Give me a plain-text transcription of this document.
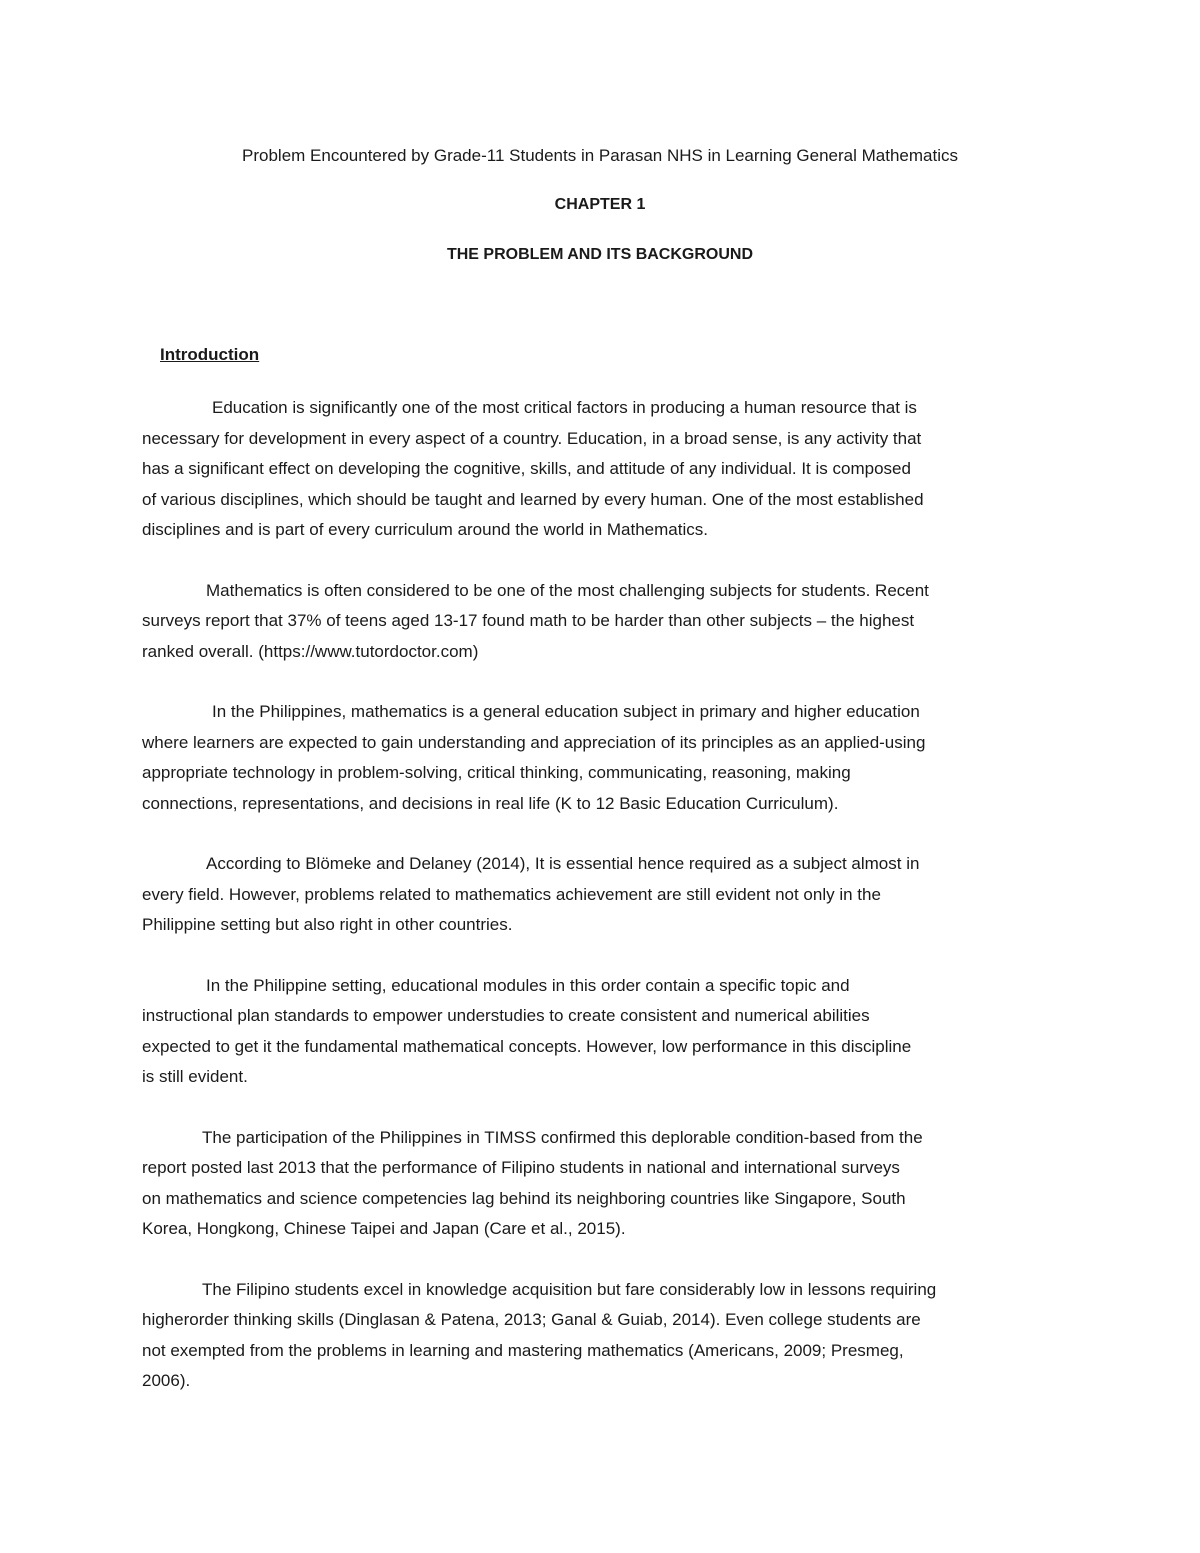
Problem Encountered by Grade-11 Students in Parasan NHS in Learning General Mathematics
CHAPTER 1
THE PROBLEM AND ITS BACKGROUND
Introduction

Education is significantly one of the most critical factors in producing a human resource that is
necessary for development in every aspect of a country. Education, in a broad sense, is any activity that
has a significant effect on developing the cognitive, skills, and attitude of any individual. It is composed
of various disciplines, which should be taught and learned by every human. One of the most established
disciplines and is part of every curriculum around the world in Mathematics.

Mathematics is often considered to be one of the most challenging subjects for students. Recent
surveys report that 37% of teens aged 13-17 found math to be harder than other subjects – the highest
ranked overall. (https://www.tutordoctor.com)

In the Philippines, mathematics is a general education subject in primary and higher education
where learners are expected to gain understanding and appreciation of its principles as an applied-using
appropriate technology in problem-solving, critical thinking, communicating, reasoning, making
connections, representations, and decisions in real life (K to 12 Basic Education Curriculum).

According to Blömeke and Delaney (2014), It is essential hence required as a subject almost in
every field. However, problems related to mathematics achievement are still evident not only in the
Philippine setting but also right in other countries.

In the Philippine setting, educational modules in this order contain a specific topic and
instructional plan standards to empower understudies to create consistent and numerical abilities
expected to get it the fundamental mathematical concepts. However, low performance in this discipline
is still evident.

The participation of the Philippines in TIMSS confirmed this deplorable condition-based from the
report posted last 2013 that the performance of Filipino students in national and international surveys
on mathematics and science competencies lag behind its neighboring countries like Singapore, South
Korea, Hongkong, Chinese Taipei and Japan (Care et al., 2015).

The Filipino students excel in knowledge acquisition but fare considerably low in lessons requiring
higherorder thinking skills (Dinglasan & Patena, 2013; Ganal & Guiab, 2014). Even college students are
not exempted from the problems in learning and mastering mathematics (Americans, 2009; Presmeg,
2006).
